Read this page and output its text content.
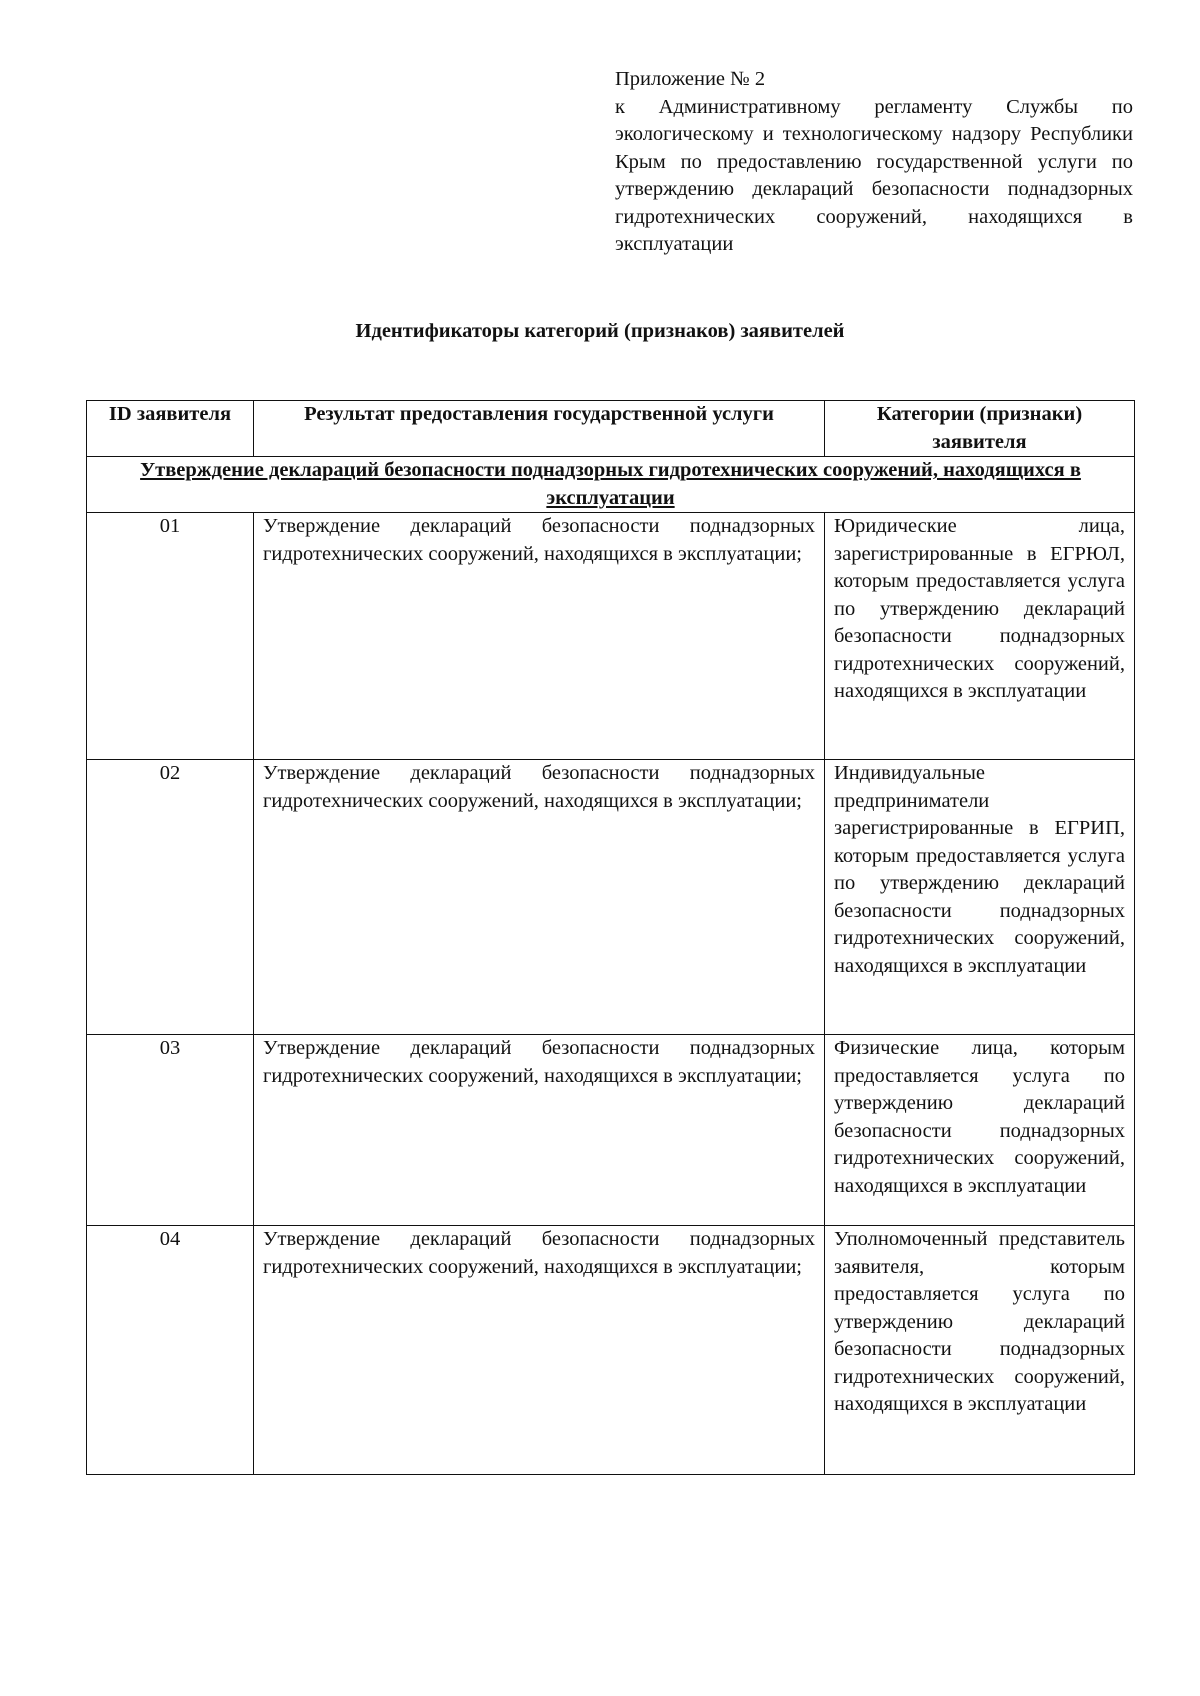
Приложение № 2
к Административному регламенту Службы по экологическому и технологическому надзору Республики Крым по предоставлению государственной услуги по утверждению деклараций безопасности поднадзорных гидротехнических сооружений, находящихся в эксплуатации
Идентификаторы категорий (признаков) заявителей
ID заявителя	Результат предоставления государственной услуги	Категории (признаки) заявителя
Утверждение деклараций безопасности поднадзорных гидротехнических сооружений, находящихся в эксплуатации		
01	Утверждение деклараций безопасности поднадзорных гидротехнических сооружений, находящихся в эксплуатации;	Юридические лица, зарегистрированные в ЕГРЮЛ, которым предоставляется услуга по утверждению деклараций безопасности поднадзорных гидротехнических сооружений, находящихся в эксплуатации
02	Утверждение деклараций безопасности поднадзорных гидротехнических сооружений, находящихся в эксплуатации;	Индивидуальные предприниматели зарегистрированные в ЕГРИП, которым предоставляется услуга по утверждению деклараций безопасности поднадзорных гидротехнических сооружений, находящихся в эксплуатации
03	Утверждение деклараций безопасности поднадзорных гидротехнических сооружений, находящихся в эксплуатации;	Физические лица, которым предоставляется услуга по утверждению деклараций безопасности поднадзорных гидротехнических сооружений, находящихся в эксплуатации
04	Утверждение деклараций безопасности поднадзорных гидротехнических сооружений, находящихся в эксплуатации;	Уполномоченный представитель заявителя, которым предоставляется услуга по утверждению деклараций безопасности поднадзорных гидротехнических сооружений, находящихся в эксплуатации
